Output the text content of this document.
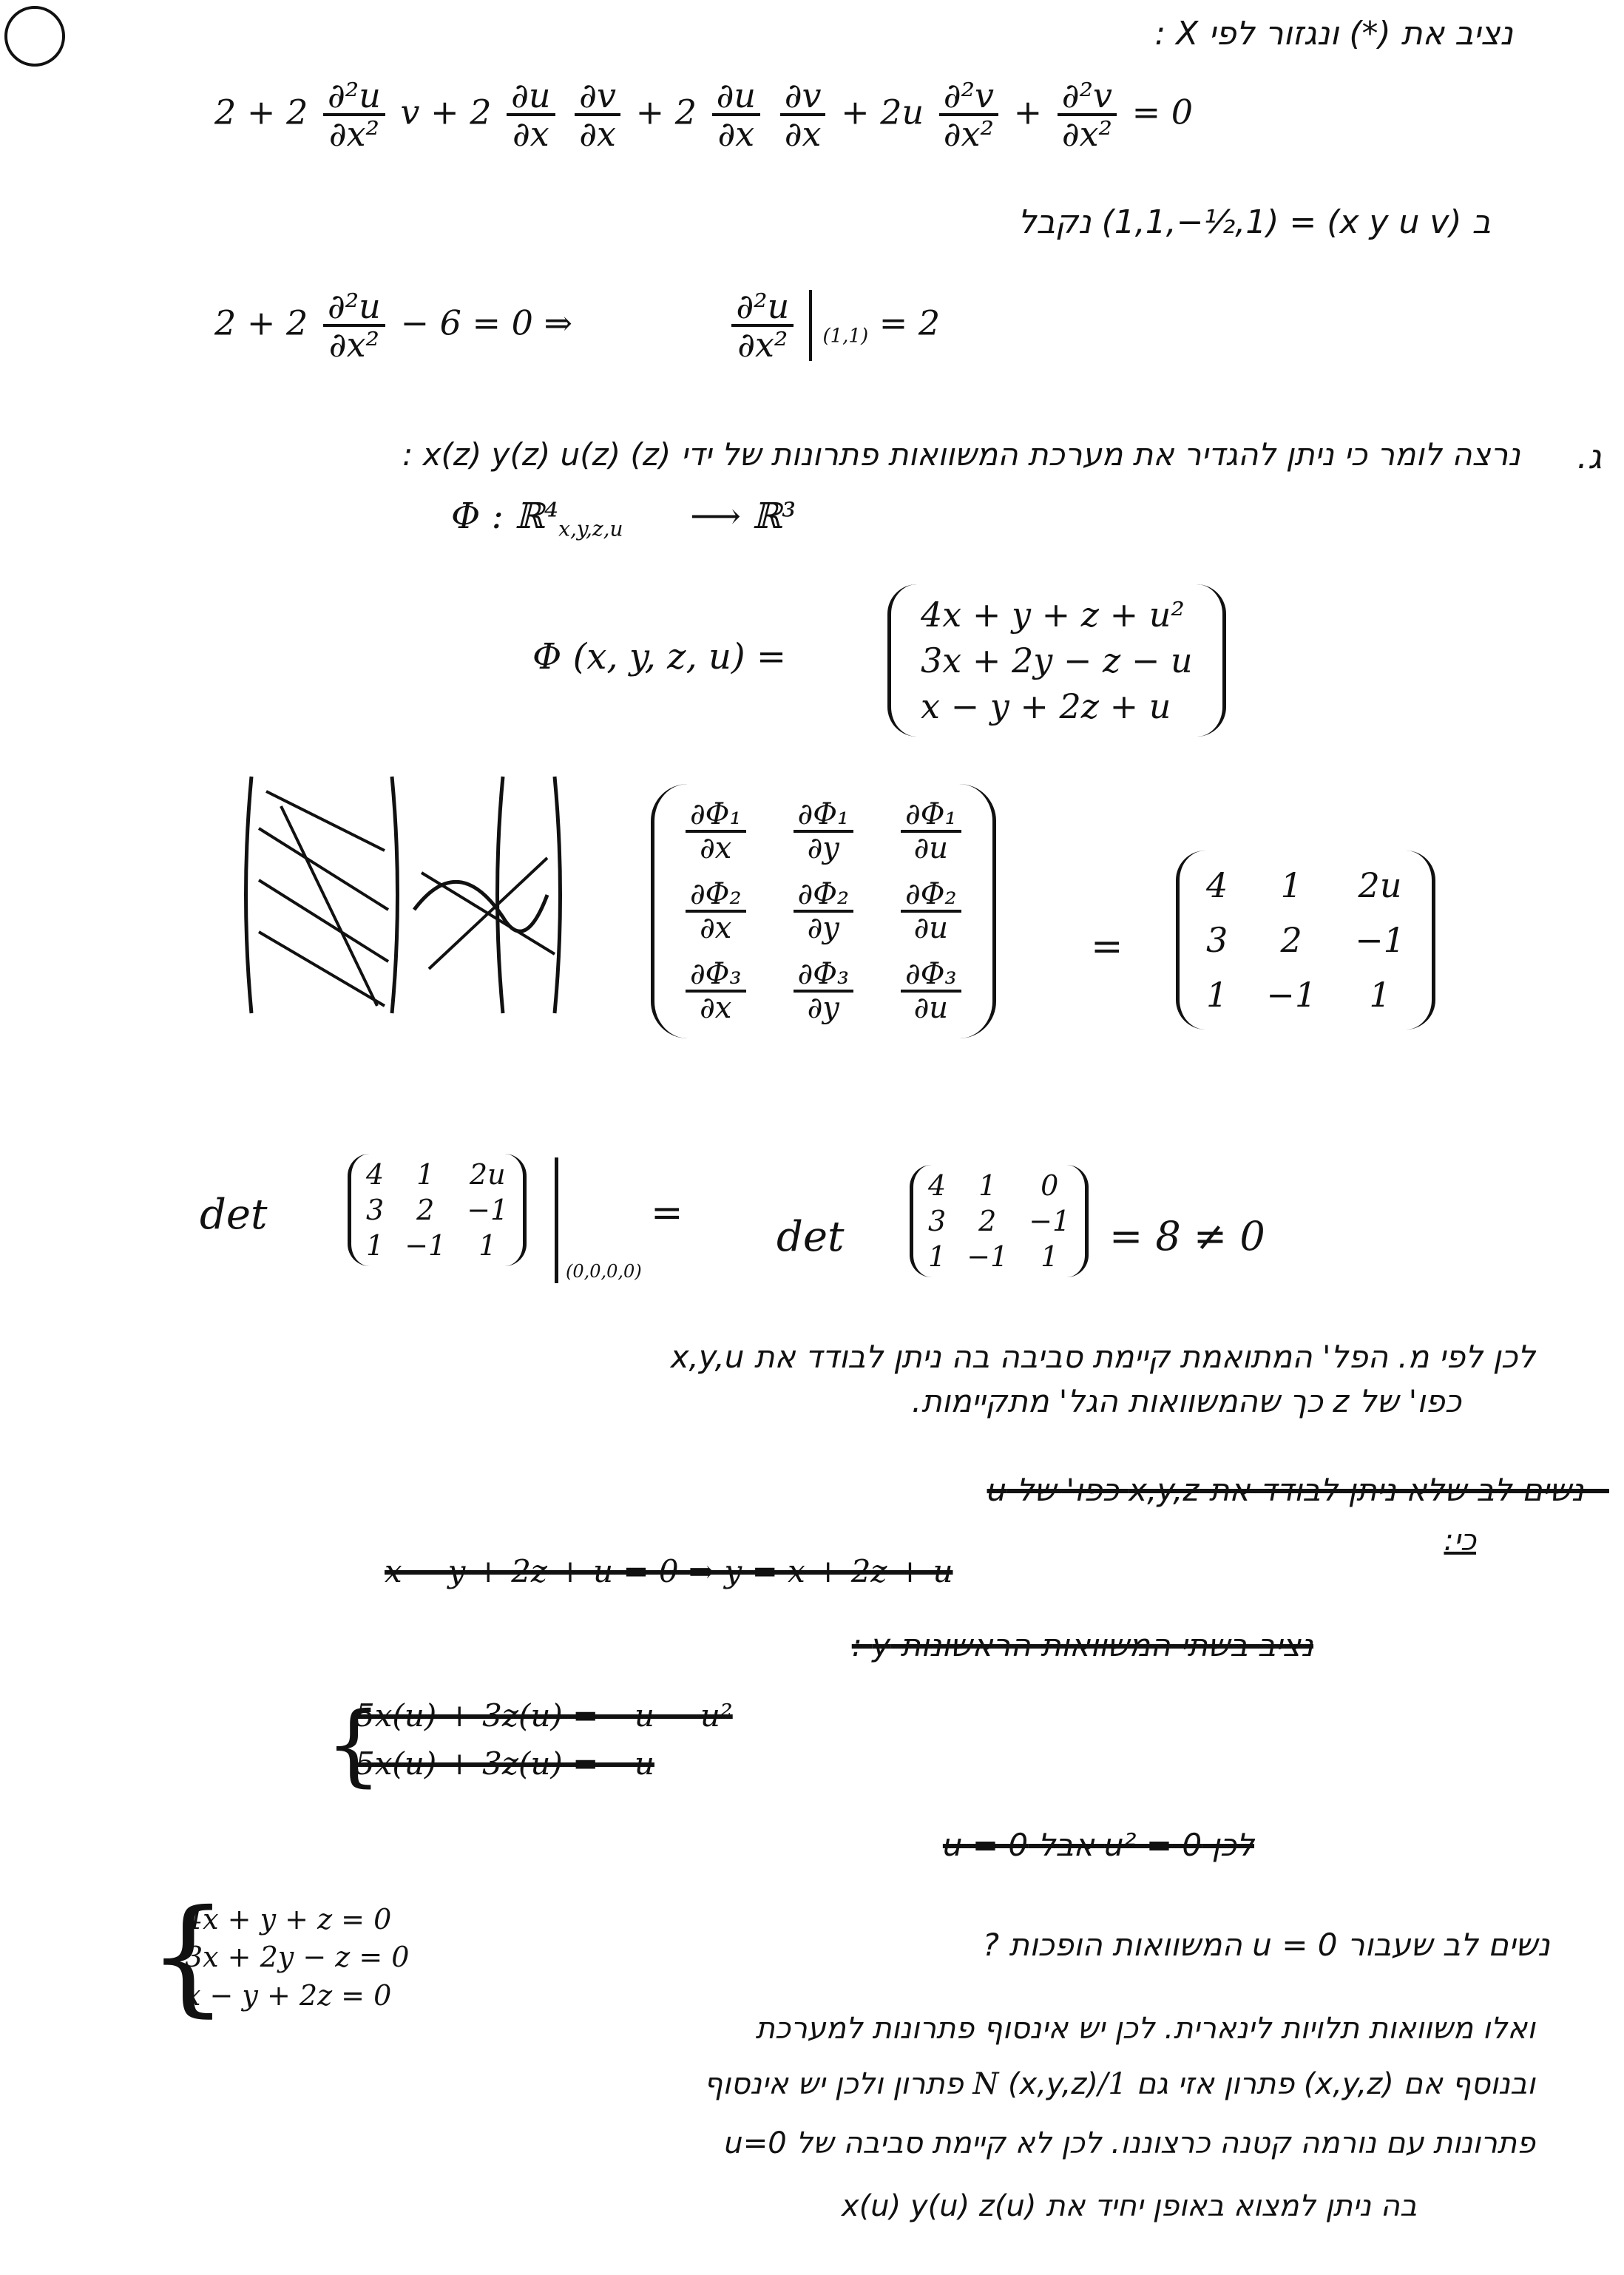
נציב את (*) ונגזור לפי X :
$2 + 2 \frac{\text{∂²u}}{\text{∂x²}}$ $v + 2 \frac{\partial u}{\partial x}$
$\frac{\partial v}{\partial x} + 2 \frac{\partial u}{\partial x}$
$\frac{\partial v}{\partial x} + 2u \frac{\text{∂²v}}{\text{∂x²}} + \frac{\text{∂²v}}{\text{∂x²}} = 0$
ב (x y u v) = (1,1,−½,1) נקבל
$2 + 2 \frac{\text{∂²u}}{\text{∂x²}} - 6 = 0$ ⇒	$\frac{\text{∂²u}}{\text{∂x²}} _{(1,1)} = 2$
ג.
נרצה לומר כי ניתן להגדיר את מערכת המשוואות פתרונות של ידי (z) x(z) y(z) u(z) :
Φ : $ℝ^4_{x,y,z,u}$ ⟶ ℝ³
Φ (x, y, z, u) =
4x + y + z + u²
3x + 2y − z − u
x − y + 2z + u
$\frac{\text{∂Φ₁}}{\partial x}$	$\frac{\text{∂Φ₁}}{\partial y}$	$\frac{\text{∂Φ₁}}{\partial u}$

$\frac{\text{∂Φ₂}}{\partial x}$	$\frac{\text{∂Φ₂}}{\partial y}$	$\frac{\text{∂Φ₂}}{\partial u}$

$\frac{\text{∂Φ₃}}{\partial x}$	$\frac{\text{∂Φ₃}}{\partial y}$	$\frac{\text{∂Φ₃}}{\partial u}$
=
4	1	2u
3	2	−1
1	−1	1
det
4	1	2u
3	2	−1
1	−1	1
(0,0,0,0)
= det
4	1	0
3	2	−1
1	−1	1 = 8 ≠ 0
לכן לפי מ. הפל' המתואמת קיימת סביבה בה ניתן לבודד את x,y,u
כפו' של z כך שהמשוואות הגל' מתקיימות.
– נשים לב שלא ניתן לבודד את x,y,z כפו' של u
כי:
x − y + 2z + u = 0 ⇒ y = x + 2z + u
נציב בשתי המשוואות הראשונות y :
{
5x(u) + 3z(u) = −u − u²
5x(u) + 3z(u) = −u
לכן u² = 0 אבל u = 0
{
4x + y + z = 0
3x + 2y − z = 0
x − y + 2z = 0
נשים לב שעבור u = 0 המשוואות הופכות ?
ואלו משוואות תלויות לינארית. לכן יש אינסוף פתרונות למערכת
ובנוסף אם (x,y,z) פתרון אזי גם 1/N (x,y,z) פתרון ולכן יש אינסוף
פתרונות עם נורמה קטנה כרצוננו. לכן לא קיימת סביבה של u=0
בה ניתן למצוא באופן יחיד את x(u) y(u) z(u)
